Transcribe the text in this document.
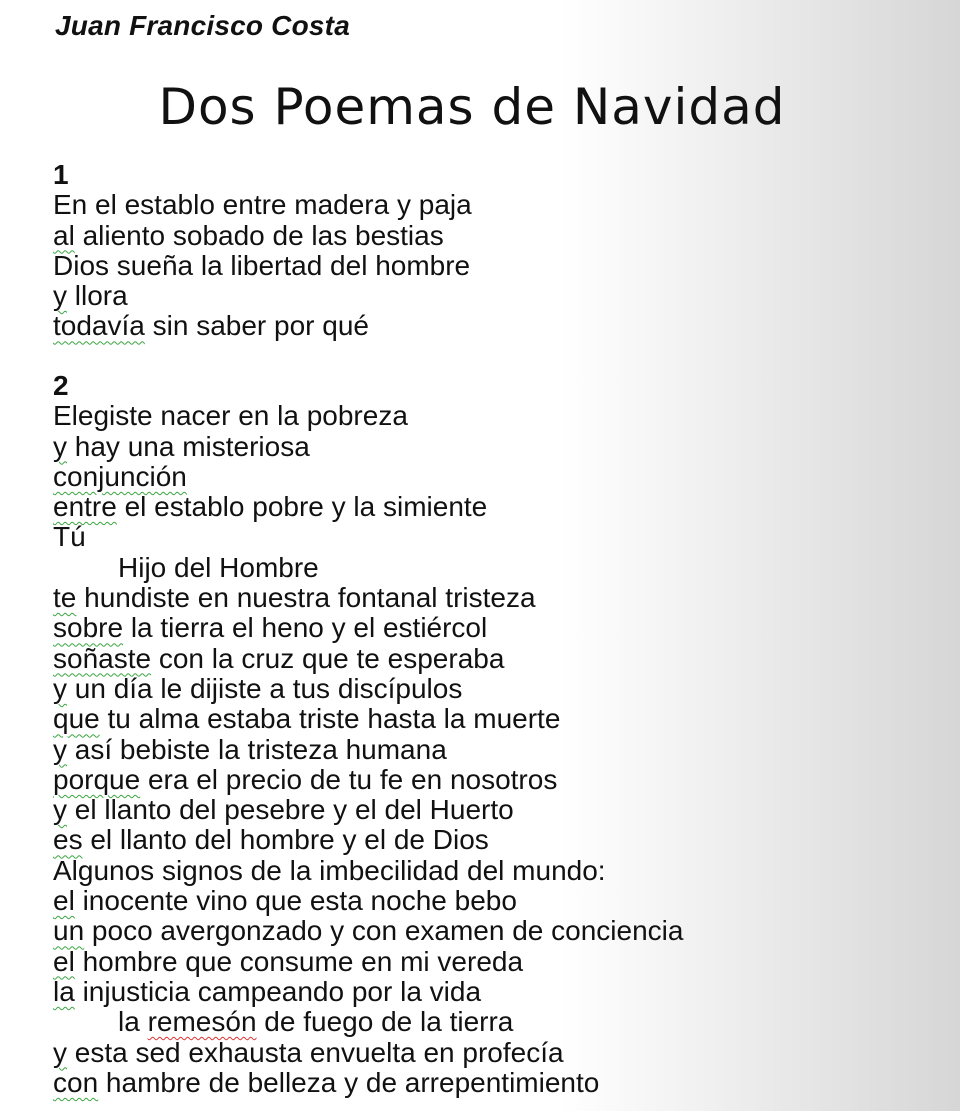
Juan Francisco Costa
Dos Poemas de Navidad
1
En el establo entre madera y paja
al aliento sobado de las bestias
Dios sueña la libertad del hombre
y llora
todavía sin saber por qué
2
Elegiste nacer en la pobreza
y hay una misteriosa
conjunción
entre el establo pobre y la simiente
Tú
Hijo del Hombre
te hundiste en nuestra fontanal tristeza
sobre la tierra el heno y el estiércol
soñaste con la cruz que te esperaba
y un día le dijiste a tus discípulos
que tu alma estaba triste hasta la muerte
y así bebiste la tristeza humana
porque era el precio de tu fe en nosotros
y el llanto del pesebre y el del Huerto
es el llanto del hombre y el de Dios
Algunos signos de la imbecilidad del mundo:
el inocente vino que esta noche bebo
un poco avergonzado y con examen de conciencia
el hombre que consume en mi vereda
la injusticia campeando por la vida
la remesón de fuego de la tierra
y esta sed exhausta envuelta en profecía
con hambre de belleza y de arrepentimiento
